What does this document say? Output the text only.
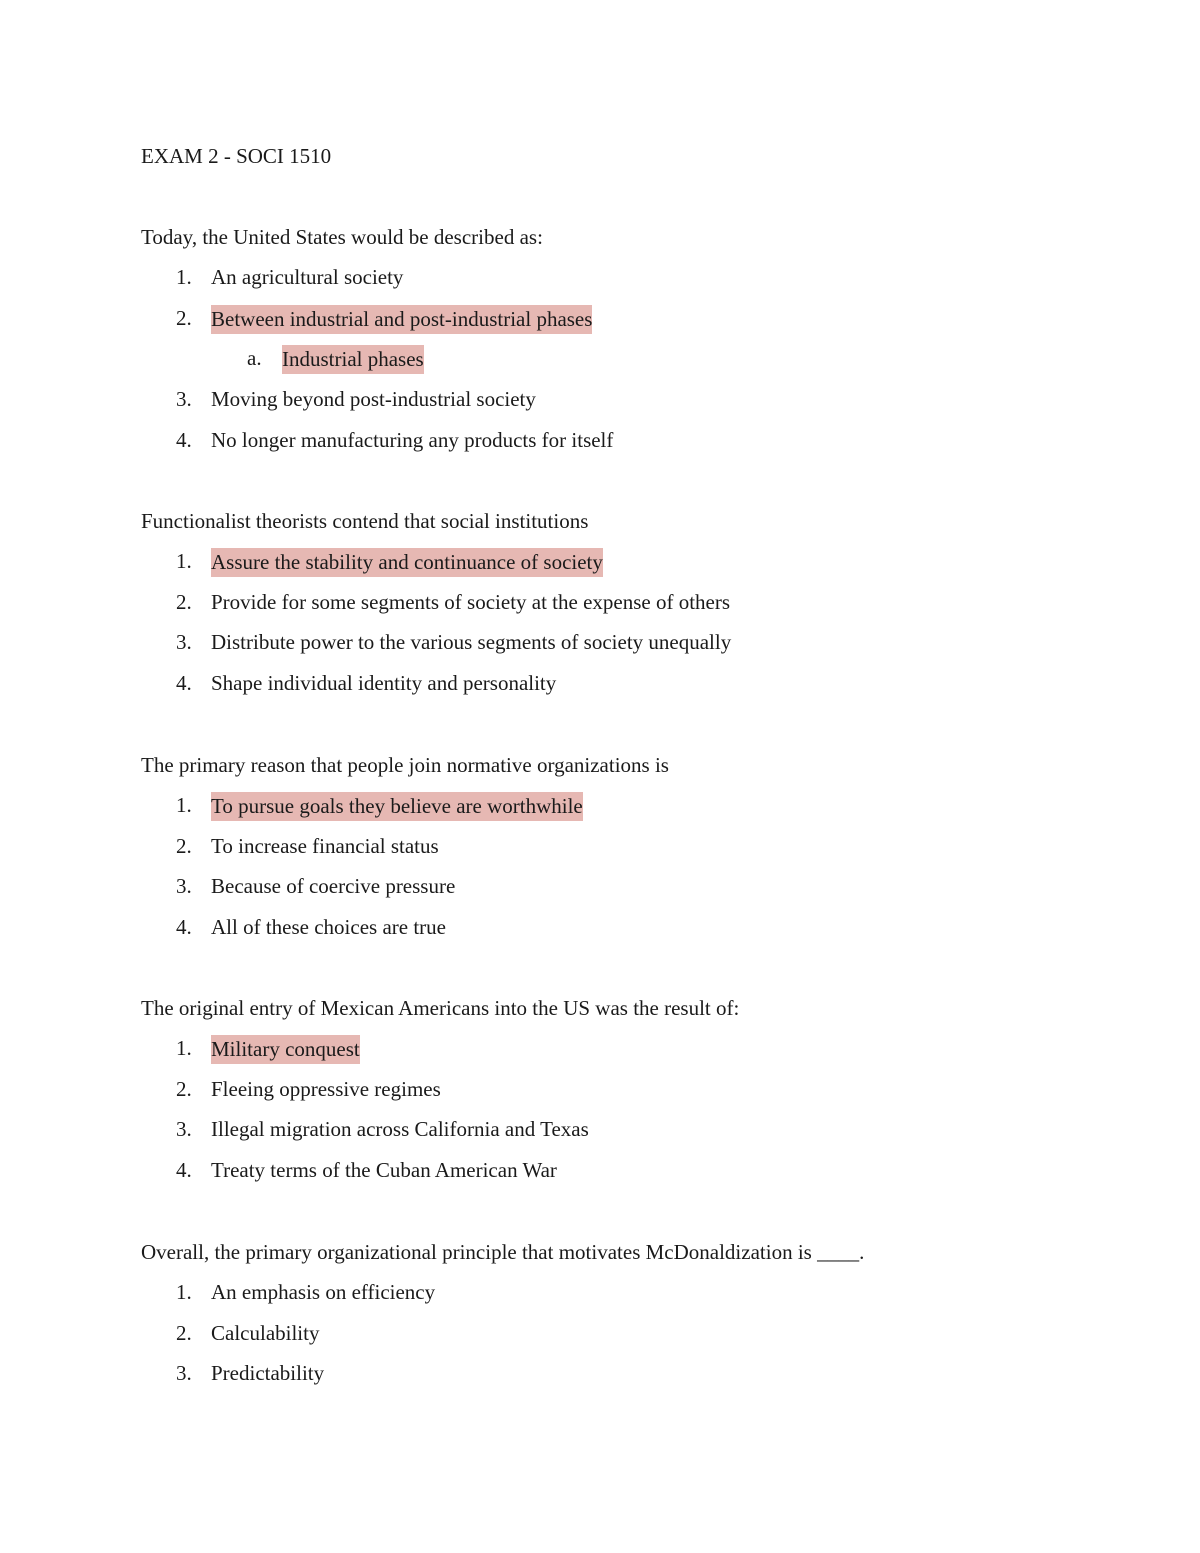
EXAM 2 - SOCI 1510
Today, the United States would be described as:
1. An agricultural society
2. Between industrial and post-industrial phases
a. Industrial phases
3. Moving beyond post-industrial society
4. No longer manufacturing any products for itself
Functionalist theorists contend that social institutions
1. Assure the stability and continuance of society
2. Provide for some segments of society at the expense of others
3. Distribute power to the various segments of society unequally
4. Shape individual identity and personality
The primary reason that people join normative organizations is
1. To pursue goals they believe are worthwhile
2. To increase financial status
3. Because of coercive pressure
4. All of these choices are true
The original entry of Mexican Americans into the US was the result of:
1. Military conquest
2. Fleeing oppressive regimes
3. Illegal migration across California and Texas
4. Treaty terms of the Cuban American War
Overall, the primary organizational principle that motivates McDonaldization is ____.
1. An emphasis on efficiency
2. Calculability
3. Predictability
